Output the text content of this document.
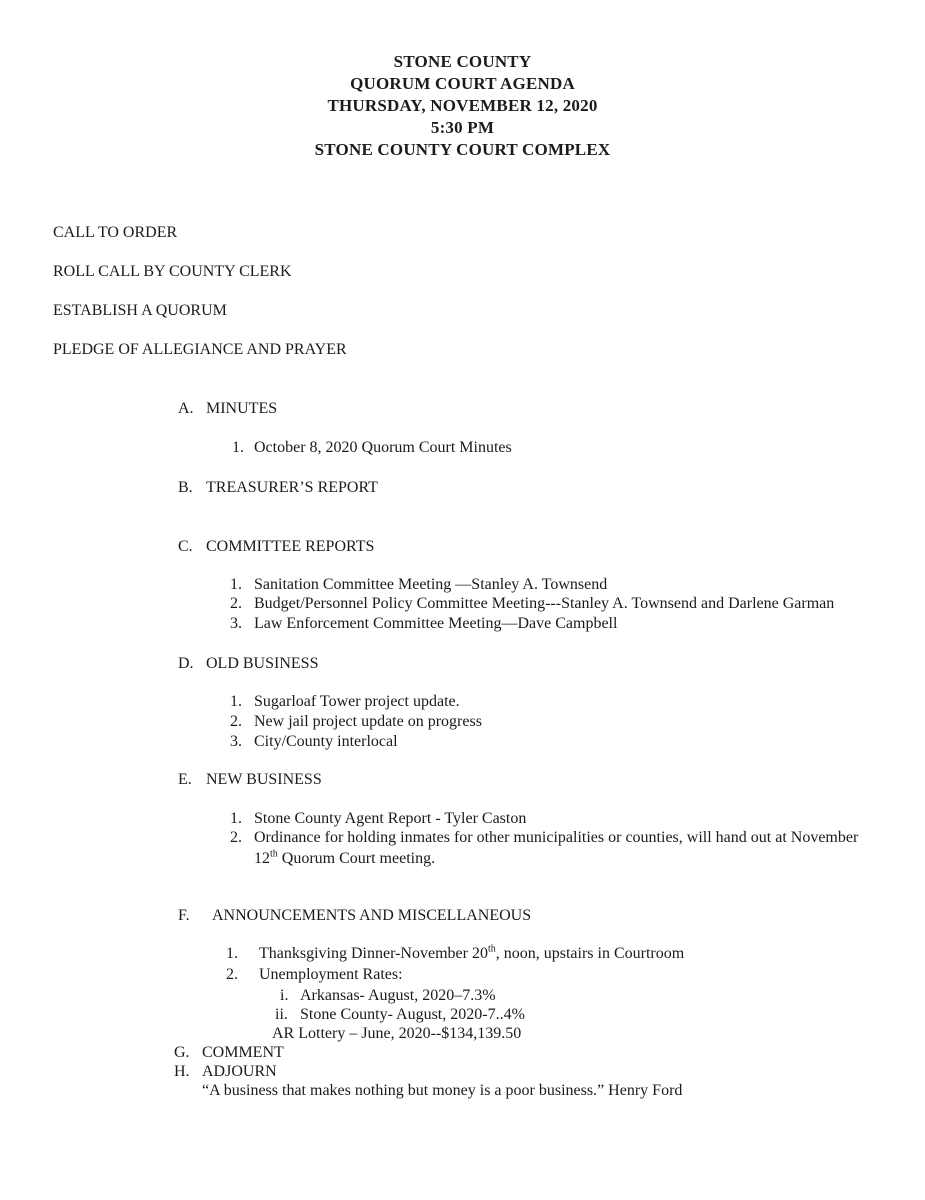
STONE COUNTY
QUORUM COURT AGENDA
THURSDAY, NOVEMBER 12, 2020
5:30 PM
STONE COUNTY COURT COMPLEX
CALL TO ORDER
ROLL CALL BY COUNTY CLERK
ESTABLISH A QUORUM
PLEDGE OF ALLEGIANCE AND PRAYER
A. MINUTES
1. October 8, 2020 Quorum Court Minutes
B. TREASURER’S REPORT
C. COMMITTEE REPORTS
1. Sanitation Committee Meeting —Stanley A. Townsend
2. Budget/Personnel Policy Committee Meeting---Stanley A. Townsend and Darlene Garman
3. Law Enforcement Committee Meeting—Dave Campbell
D. OLD BUSINESS
1. Sugarloaf Tower project update.
2. New jail project update on progress
3. City/County interlocal
E. NEW BUSINESS
1. Stone County Agent Report - Tyler Caston
2. Ordinance for holding inmates for other municipalities or counties, will hand out at November
12th Quorum Court meeting.
F. ANNOUNCEMENTS AND MISCELLANEOUS
1. Thanksgiving Dinner-November 20th, noon, upstairs in Courtroom
2. Unemployment Rates:
i. Arkansas- August, 2020–7.3%
ii. Stone County- August, 2020-7..4%
AR Lottery – June, 2020--$134,139.50
G. COMMENT
H. ADJOURN
“A business that makes nothing but money is a poor business.” Henry Ford
